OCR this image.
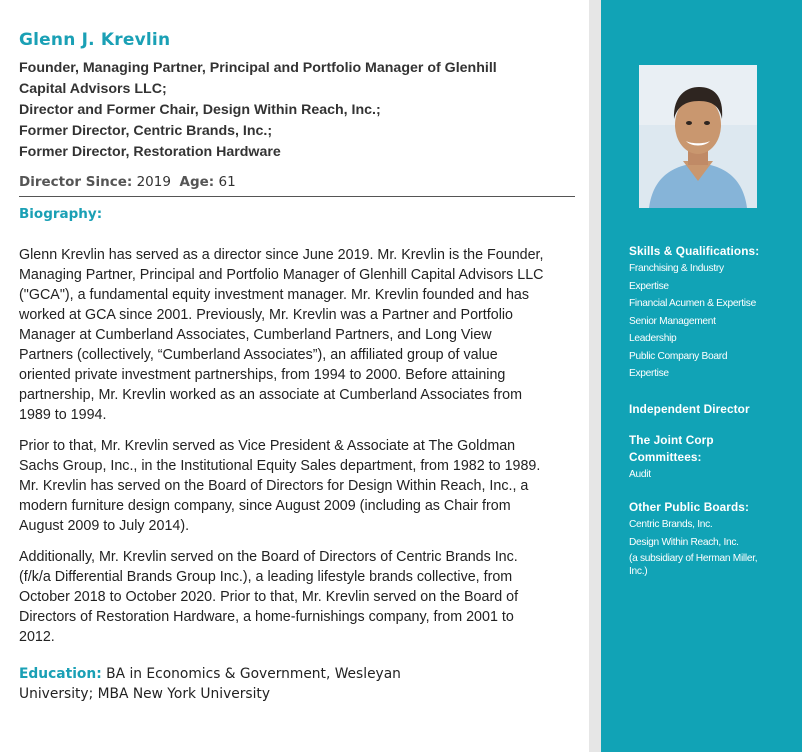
Glenn J. Krevlin
Founder, Managing Partner, Principal and Portfolio Manager of Glenhill
Capital Advisors LLC;
Director and Former Chair, Design Within Reach, Inc.;
Former Director, Centric Brands, Inc.;
Former Director, Restoration Hardware
Director Since: 2019 Age: 61
Biography:

Glenn Krevlin has served as a director since June 2019. Mr. Krevlin is the Founder, Managing Partner, Principal and Portfolio Manager of Glenhill Capital Advisors LLC ("GCA"), a fundamental equity investment manager. Mr. Krevlin founded and has worked at GCA since 2001. Previously, Mr. Krevlin was a Partner and Portfolio Manager at Cumberland Associates, Cumberland Partners, and Long View Partners (collectively, “Cumberland Associates”), an affiliated group of value oriented private investment partnerships, from 1994 to 2000. Before attaining partnership, Mr. Krevlin worked as an associate at Cumberland Associates from 1989 to 1994.

Prior to that, Mr. Krevlin served as Vice President & Associate at The Goldman Sachs Group, Inc., in the Institutional Equity Sales department, from 1982 to 1989. Mr. Krevlin has served on the Board of Directors for Design Within Reach, Inc., a modern furniture design company, since August 2009 (including as Chair from August 2009 to July 2014).

Additionally, Mr. Krevlin served on the Board of Directors of Centric Brands Inc. (f/k/a Differential Brands Group Inc.), a leading lifestyle brands collective, from October 2018 to October 2020. Prior to that, Mr. Krevlin served on the Board of Directors of Restoration Hardware, a home-furnishings company, from 2001 to 2012.

Education: BA in Economics & Government, Wesleyan University; MBA New York University
Skills & Qualifications:
Franchising & Industry
Expertise
Financial Acumen & Expertise
Senior Management
Leadership
Public Company Board
Expertise
Independent Director
The Joint Corp
Committees:
Audit
Other Public Boards:
Centric Brands, Inc.
Design Within Reach, Inc.
(a subsidiary of Herman Miller, Inc.)
